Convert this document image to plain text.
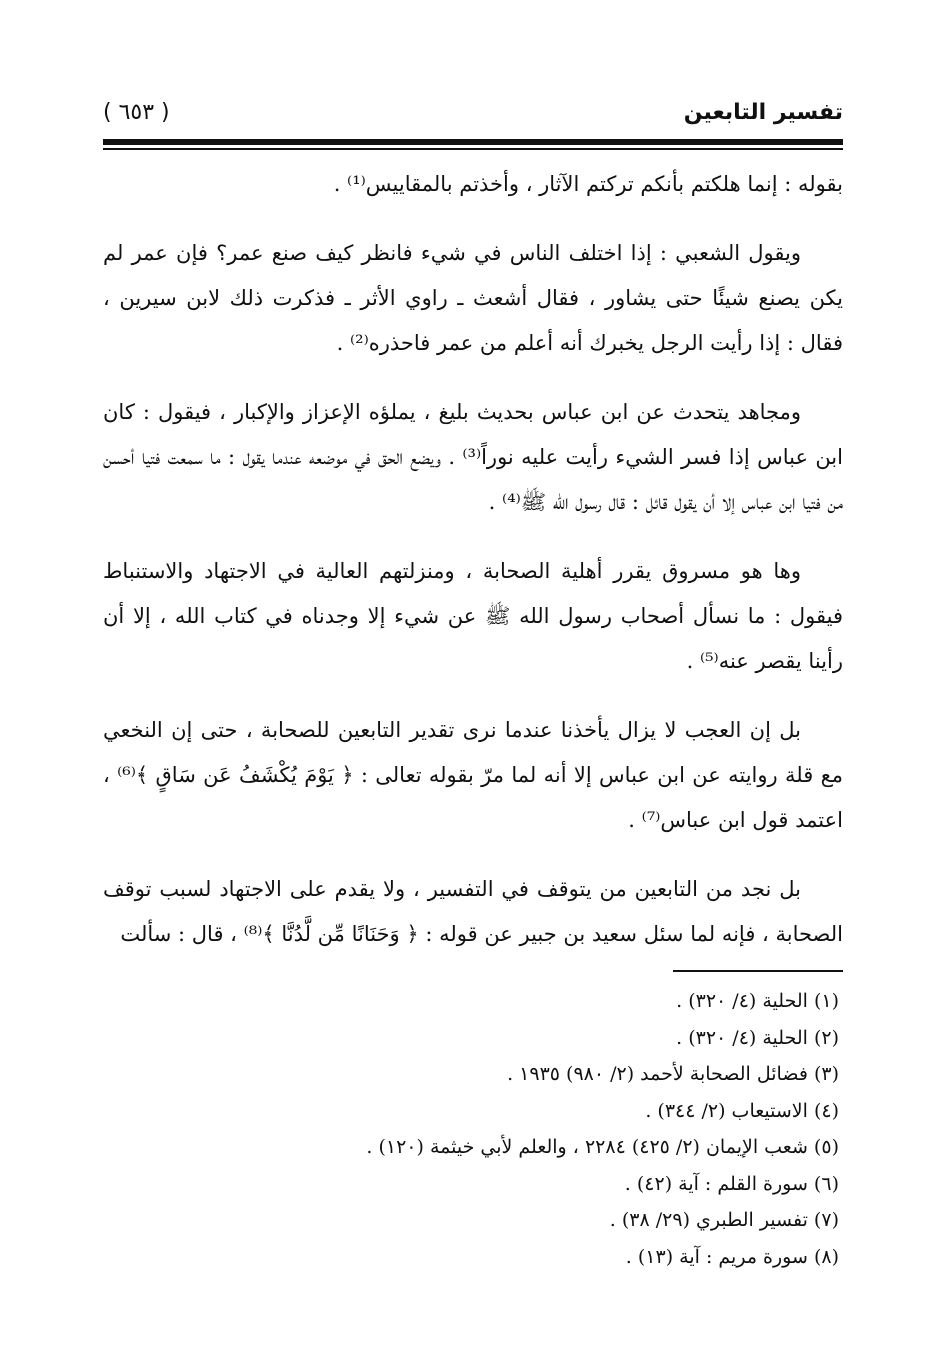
تفسير التابعين
( ٦٥٣ )

بقوله : إنما هلكتم بأنكم تركتم الآثار ، وأخذتم بالمقاييس⁽¹⁾ .

ويقول الشعبي : إذا اختلف الناس في شيء فانظر كيف صنع عمر؟ فإن عمر لم يكن يصنع شيئًا حتى يشاور ، فقال أشعث ـ راوي الأثر ـ فذكرت ذلك لابن سيرين ، فقال : إذا رأيت الرجل يخبرك أنه أعلم من عمر فاحذره⁽²⁾ .

ومجاهد يتحدث عن ابن عباس بحديث بليغ ، يملؤه الإعزاز والإكبار ، فيقول : كان ابن عباس إذا فسر الشيء رأيت عليه نوراً⁽³⁾ . ويضع الحق في موضعه عندما يقول : ما سمعت فتيا أحسن من فتيا ابن عباس إلا أن يقول قائل : قال رسول الله ﷺ⁽⁴⁾ .

وها هو مسروق يقرر أهلية الصحابة ، ومنزلتهم العالية في الاجتهاد والاستنباط فيقول : ما نسأل أصحاب رسول الله ﷺ عن شيء إلا وجدناه في كتاب الله ، إلا أن رأينا يقصر عنه⁽⁵⁾ .

بل إن العجب لا يزال يأخذنا عندما نرى تقدير التابعين للصحابة ، حتى إن النخعي مع قلة روايته عن ابن عباس إلا أنه لما مرّ بقوله تعالى : ﴿ يَوْمَ يُكْشَفُ عَن سَاقٍ ﴾⁽⁶⁾ ، اعتمد قول ابن عباس⁽⁷⁾ .

بل نجد من التابعين من يتوقف في التفسير ، ولا يقدم على الاجتهاد لسبب توقف الصحابة ، فإنه لما سئل سعيد بن جبير عن قوله : ﴿ وَحَنَانًا مِّن لَّدُنَّا ﴾⁽⁸⁾ ، قال : سألت

(١) الحلية (٤/ ٣٢٠) .
(٢) الحلية (٤/ ٣٢٠) .
(٣) فضائل الصحابة لأحمد (٢/ ٩٨٠) ١٩٣٥ .
(٤) الاستيعاب (٢/ ٣٤٤) .
(٥) شعب الإيمان (٢/ ٤٢٥) ٢٢٨٤ ، والعلم لأبي خيثمة (١٢٠) .
(٦) سورة القلم : آية (٤٢) .
(٧) تفسير الطبري (٢٩/ ٣٨) .
(٨) سورة مريم : آية (١٣) .
